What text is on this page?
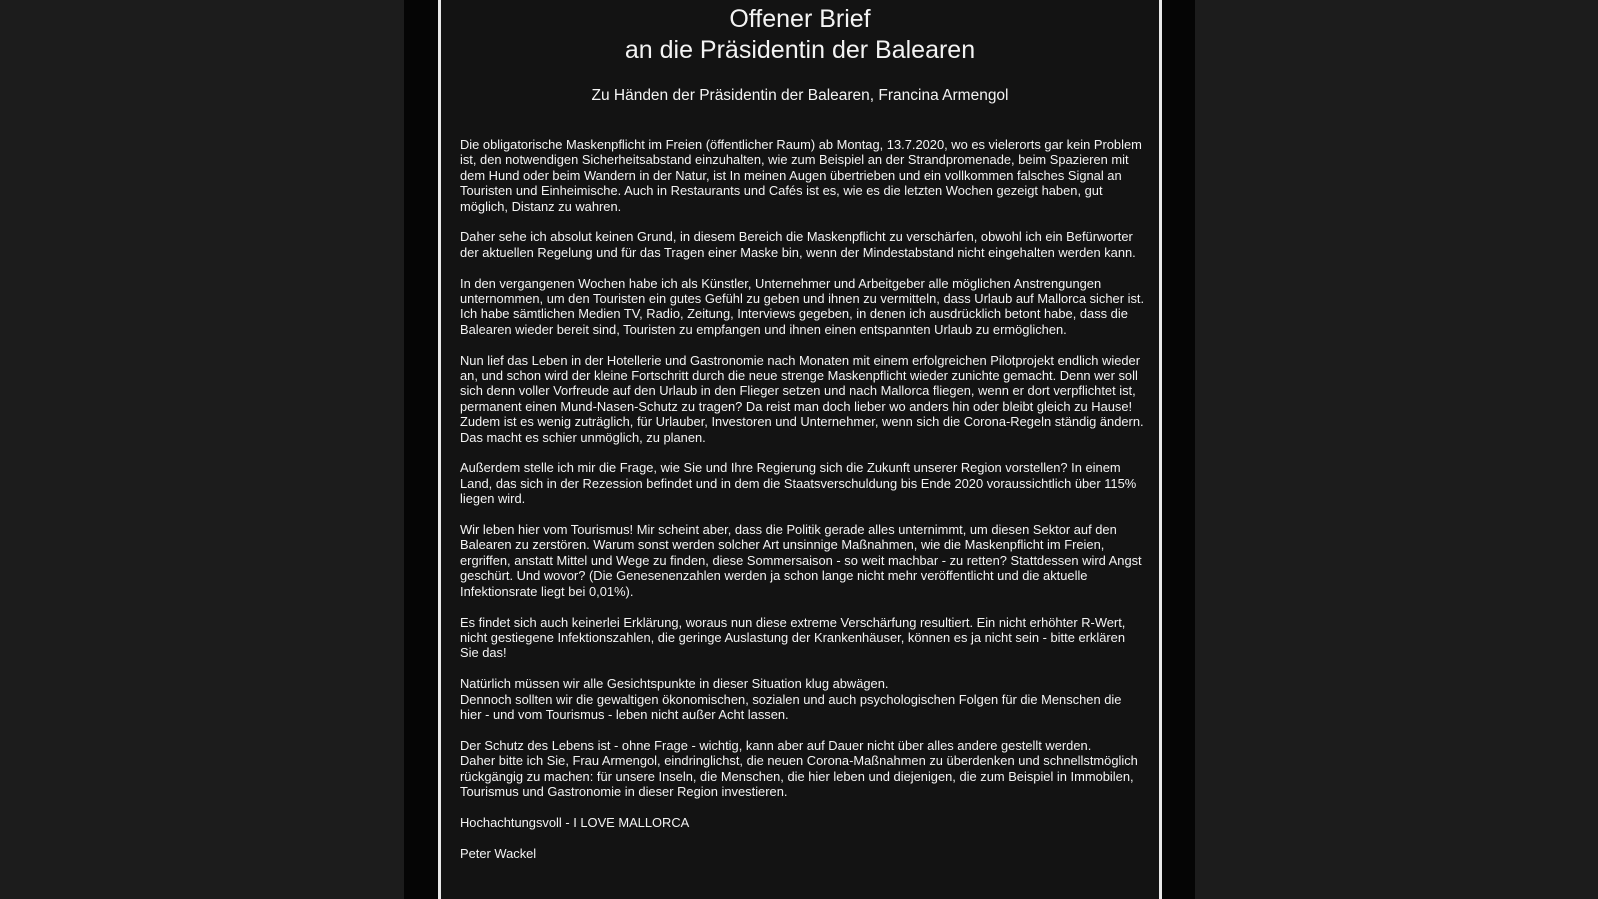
Offener Brief
an die Präsidentin der Balearen
Zu Händen der Präsidentin der Balearen, Francina Armengol

Die obligatorische Maskenpflicht im Freien (öffentlicher Raum) ab Montag, 13.7.2020, wo es vielerorts gar kein Problem ist, den notwendigen Sicherheitsabstand einzuhalten, wie zum Beispiel an der Strandpromenade, beim Spazieren mit dem Hund oder beim Wandern in der Natur, ist In meinen Augen übertrieben und ein vollkommen falsches Signal an Touristen und Einheimische. Auch in Restaurants und Cafés ist es, wie es die letzten Wochen gezeigt haben, gut möglich, Distanz zu wahren.

Daher sehe ich absolut keinen Grund, in diesem Bereich die Maskenpflicht zu verschärfen, obwohl ich ein Befürworter der aktuellen Regelung und für das Tragen einer Maske bin, wenn der Mindestabstand nicht eingehalten werden kann.

In den vergangenen Wochen habe ich als Künstler, Unternehmer und Arbeitgeber alle möglichen Anstrengungen unternommen, um den Touristen ein gutes Gefühl zu geben und ihnen zu vermitteln, dass Urlaub auf Mallorca sicher ist. Ich habe sämtlichen Medien TV, Radio, Zeitung, Interviews gegeben, in denen ich ausdrücklich betont habe, dass die Balearen wieder bereit sind, Touristen zu empfangen und ihnen einen entspannten Urlaub zu ermöglichen.

Nun lief das Leben in der Hotellerie und Gastronomie nach Monaten mit einem erfolgreichen Pilotprojekt endlich wieder an, und schon wird der kleine Fortschritt durch die neue strenge Maskenpflicht wieder zunichte gemacht. Denn wer soll sich denn voller Vorfreude auf den Urlaub in den Flieger setzen und nach Mallorca fliegen, wenn er dort verpflichtet ist, permanent einen Mund-Nasen-Schutz zu tragen? Da reist man doch lieber wo anders hin oder bleibt gleich zu Hause! Zudem ist es wenig zuträglich, für Urlauber, Investoren und Unternehmer, wenn sich die Corona-Regeln ständig ändern. Das macht es schier unmöglich, zu planen.

Außerdem stelle ich mir die Frage, wie Sie und Ihre Regierung sich die Zukunft unserer Region vorstellen? In einem Land, das sich in der Rezession befindet und in dem die Staatsverschuldung bis Ende 2020 voraussichtlich über 115% liegen wird.

Wir leben hier vom Tourismus! Mir scheint aber, dass die Politik gerade alles unternimmt, um diesen Sektor auf den Balearen zu zerstören. Warum sonst werden solcher Art unsinnige Maßnahmen, wie die Maskenpflicht im Freien, ergriffen, anstatt Mittel und Wege zu finden, diese Sommersaison - so weit machbar - zu retten? Stattdessen wird Angst geschürt. Und wovor? (Die Genesenenzahlen werden ja schon lange nicht mehr veröffentlicht und die aktuelle Infektionsrate liegt bei 0,01%).

Es findet sich auch keinerlei Erklärung, woraus nun diese extreme Verschärfung resultiert. Ein nicht erhöhter R-Wert, nicht gestiegene Infektionszahlen, die geringe Auslastung der Krankenhäuser, können es ja nicht sein - bitte erklären Sie das!

Natürlich müssen wir alle Gesichtspunkte in dieser Situation klug abwägen.
Dennoch sollten wir die gewaltigen ökonomischen, sozialen und auch psychologischen Folgen für die Menschen die hier - und vom Tourismus - leben nicht außer Acht lassen.

Der Schutz des Lebens ist - ohne Frage - wichtig, kann aber auf Dauer nicht über alles andere gestellt werden.
Daher bitte ich Sie, Frau Armengol, eindringlichst, die neuen Corona-Maßnahmen zu überdenken und schnellstmöglich rückgängig zu machen: für unsere Inseln, die Menschen, die hier leben und diejenigen, die zum Beispiel in Immobilen, Tourismus und Gastronomie in dieser Region investieren.

Hochachtungsvoll - I LOVE MALLORCA

Peter Wackel
